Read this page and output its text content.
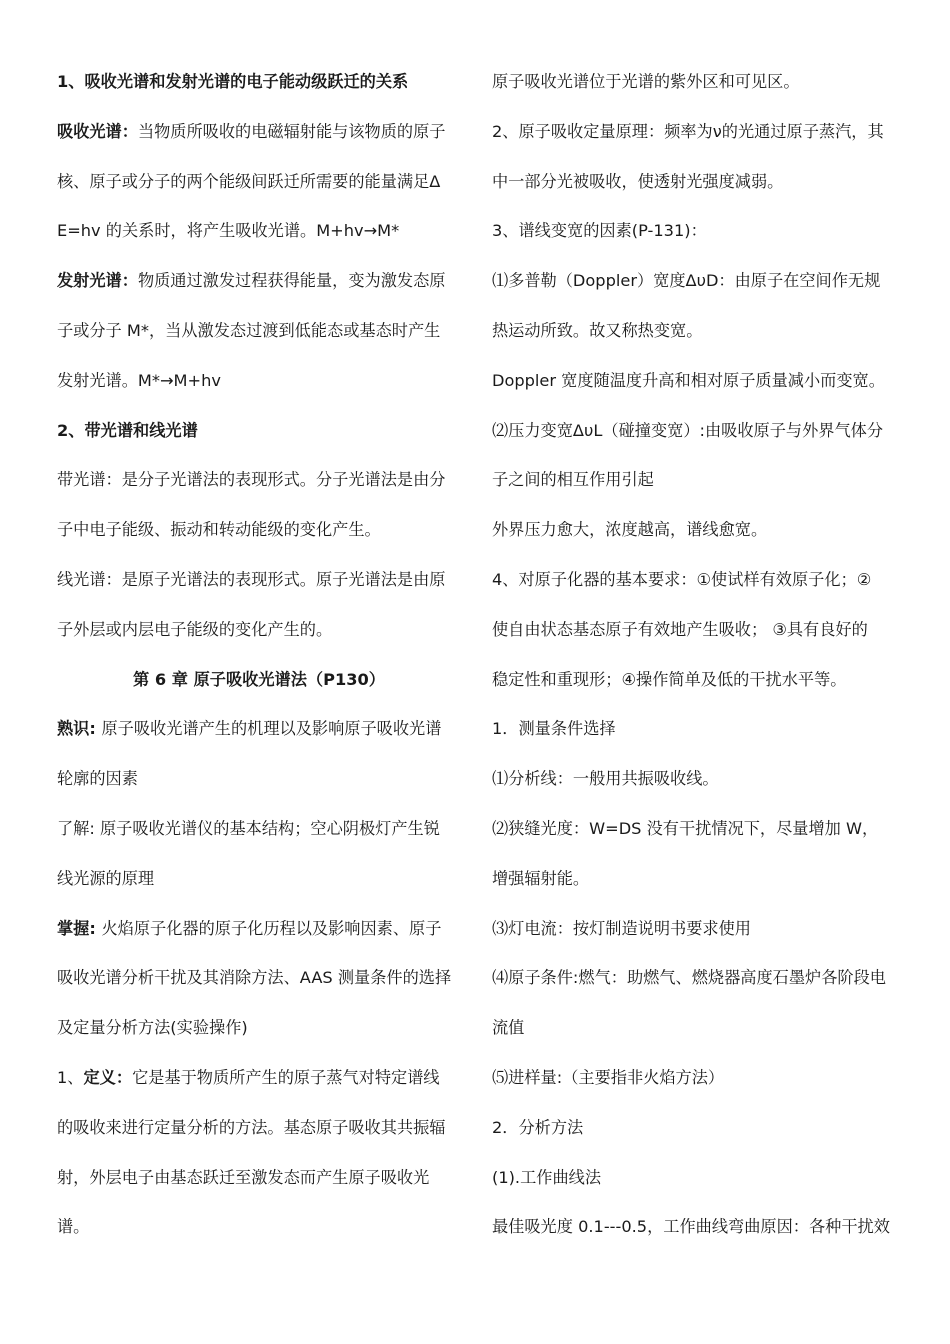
1、吸收光谱和发射光谱的电子能动级跃迁的关系
吸收光谱：当物质所吸收的电磁辐射能与该物质的原子
核、原子或分子的两个能级间跃迁所需要的能量满足Δ
E=hv 的关系时，将产生吸收光谱。M+hv→M*
发射光谱：物质通过激发过程获得能量，变为激发态原
子或分子 M*，当从激发态过渡到低能态或基态时产生
发射光谱。M*→M+hv
2、带光谱和线光谱
带光谱：是分子光谱法的表现形式。分子光谱法是由分
子中电子能级、振动和转动能级的变化产生。
线光谱：是原子光谱法的表现形式。原子光谱法是由原
子外层或内层电子能级的变化产生的。
第 6 章 原子吸收光谱法（P130）
熟识: 原子吸收光谱产生的机理以及影响原子吸收光谱
轮廓的因素
了解: 原子吸收光谱仪的基本结构；空心阴极灯产生锐
线光源的原理
掌握: 火焰原子化器的原子化历程以及影响因素、原子
吸收光谱分析干扰及其消除方法、AAS 测量条件的选择
及定量分析方法(实验操作)
1、定义：它是基于物质所产生的原子蒸气对特定谱线
的吸收来进行定量分析的方法。基态原子吸收其共振辐
射，外层电子由基态跃迁至激发态而产生原子吸收光
谱。
原子吸收光谱位于光谱的紫外区和可见区。
2、原子吸收定量原理：频率为ν的光通过原子蒸汽，其
中一部分光被吸收，使透射光强度减弱。
3、谱线变宽的因素(P-131)：
⑴多普勒（Doppler）宽度ΔυD：由原子在空间作无规
热运动所致。故又称热变宽。
Doppler 宽度随温度升高和相对原子质量减小而变宽。
⑵压力变宽ΔυL（碰撞变宽）:由吸收原子与外界气体分
子之间的相互作用引起
外界压力愈大，浓度越高，谱线愈宽。
4、对原子化器的基本要求：①使试样有效原子化；②
使自由状态基态原子有效地产生吸收； ③具有良好的
稳定性和重现形；④操作简单及低的干扰水平等。
1．测量条件选择
⑴分析线：一般用共振吸收线。
⑵狭缝光度：W=DS 没有干扰情况下，尽量增加 W，
增强辐射能。
⑶灯电流：按灯制造说明书要求使用
⑷原子条件:燃气：助燃气、燃烧器高度石墨炉各阶段电
流值
⑸进样量:（主要指非火焰方法）
2．分析方法
(1).工作曲线法
最佳吸光度 0.1---0.5，工作曲线弯曲原因：各种干扰效
